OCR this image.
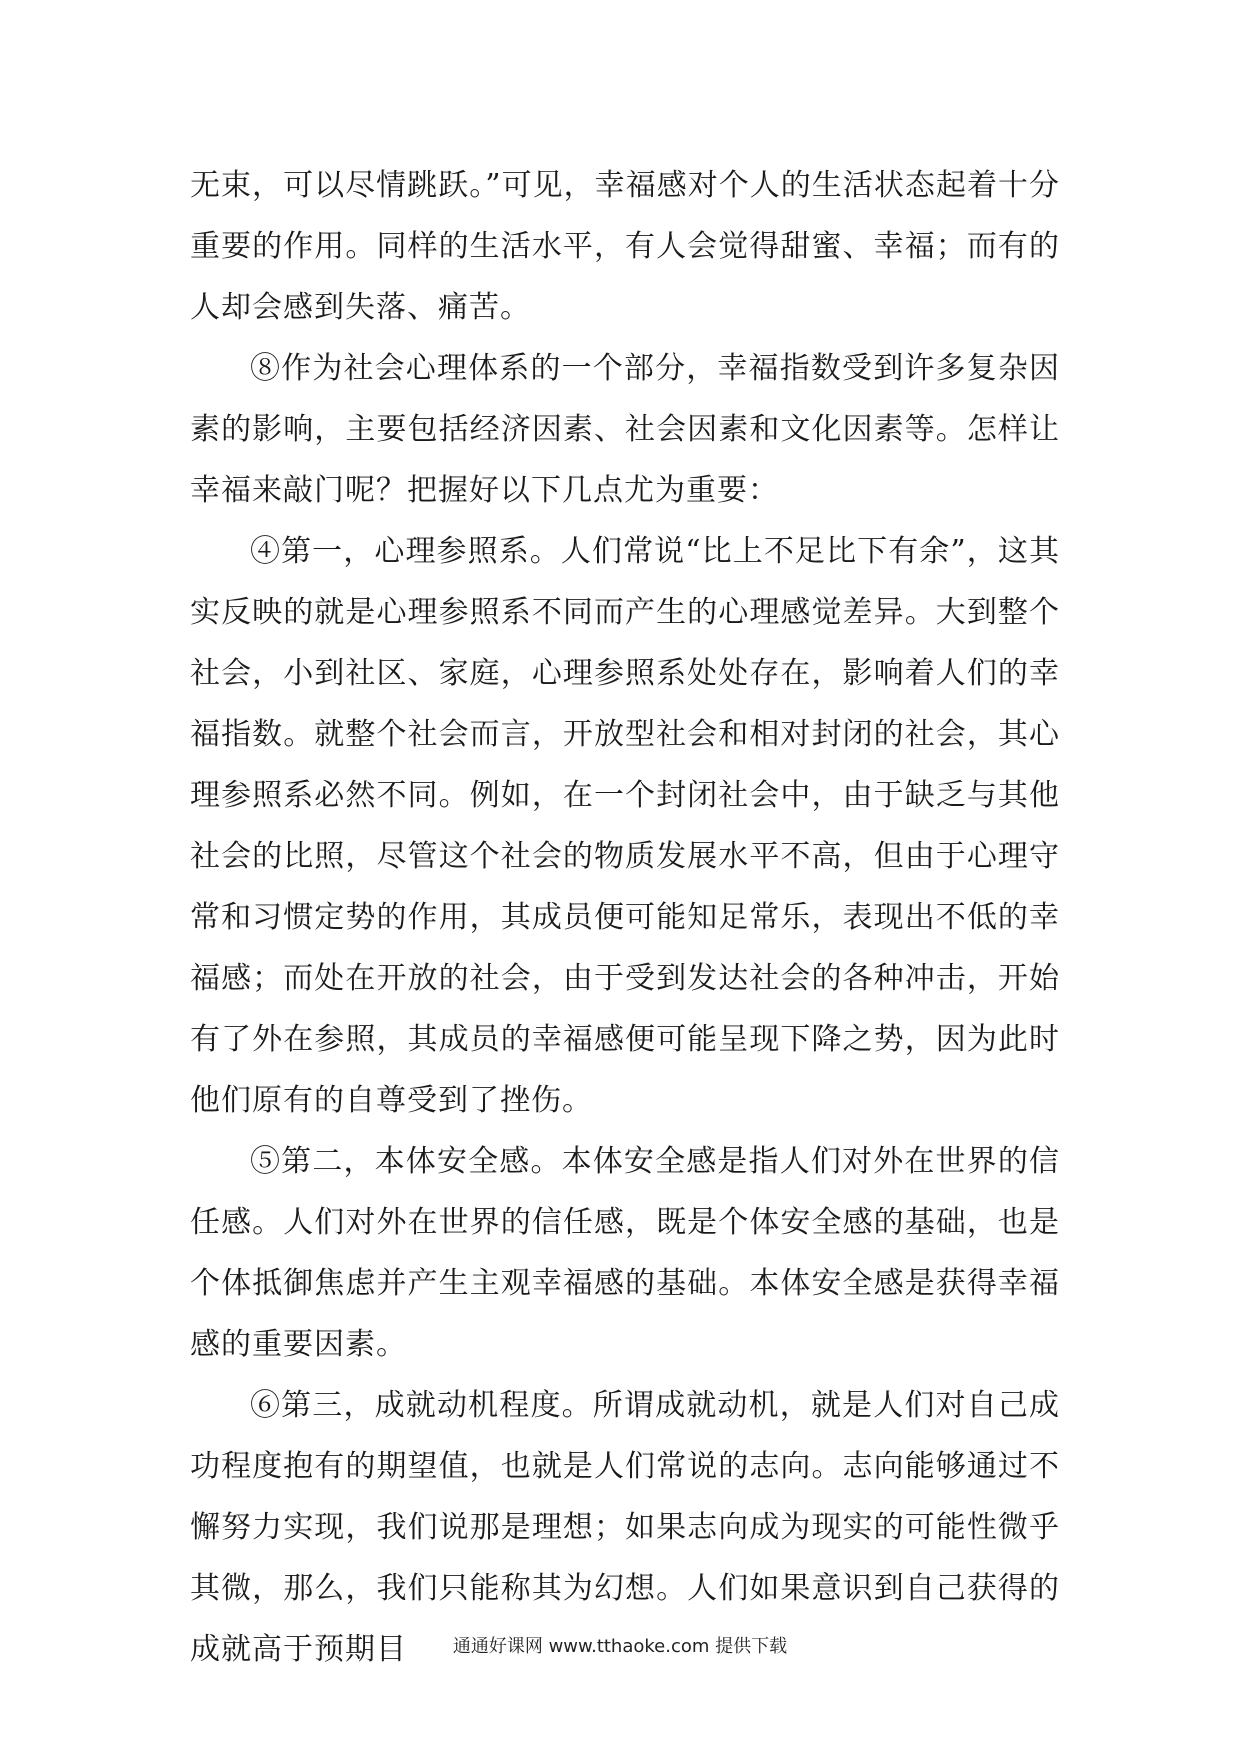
无束，可以尽情跳跃。”可见，幸福感对个人的生活状态起着十分重要的作用。同样的生活水平，有人会觉得甜蜜、幸福；而有的人却会感到失落、痛苦。

⑧作为社会心理体系的一个部分，幸福指数受到许多复杂因素的影响，主要包括经济因素、社会因素和文化因素等。怎样让幸福来敲门呢？把握好以下几点尤为重要：

④第一，心理参照系。人们常说“比上不足比下有余”，这其实反映的就是心理参照系不同而产生的心理感觉差异。大到整个社会，小到社区、家庭，心理参照系处处存在，影响着人们的幸福指数。就整个社会而言，开放型社会和相对封闭的社会，其心理参照系必然不同。例如，在一个封闭社会中，由于缺乏与其他社会的比照，尽管这个社会的物质发展水平不高，但由于心理守常和习惯定势的作用，其成员便可能知足常乐，表现出不低的幸福感；而处在开放的社会，由于受到发达社会的各种冲击，开始有了外在参照，其成员的幸福感便可能呈现下降之势，因为此时他们原有的自尊受到了挫伤。

⑤第二，本体安全感。本体安全感是指人们对外在世界的信任感。人们对外在世界的信任感，既是个体安全感的基础，也是个体抵御焦虑并产生主观幸福感的基础。本体安全感是获得幸福感的重要因素。

⑥第三，成就动机程度。所谓成就动机，就是人们对自己成功程度抱有的期望值，也就是人们常说的志向。志向能够通过不懈努力实现，我们说那是理想；如果志向成为现实的可能性微乎其微，那么，我们只能称其为幻想。人们如果意识到自己获得的成就高于预期目	通通好课网 www.tthaoke.com 提供下载
